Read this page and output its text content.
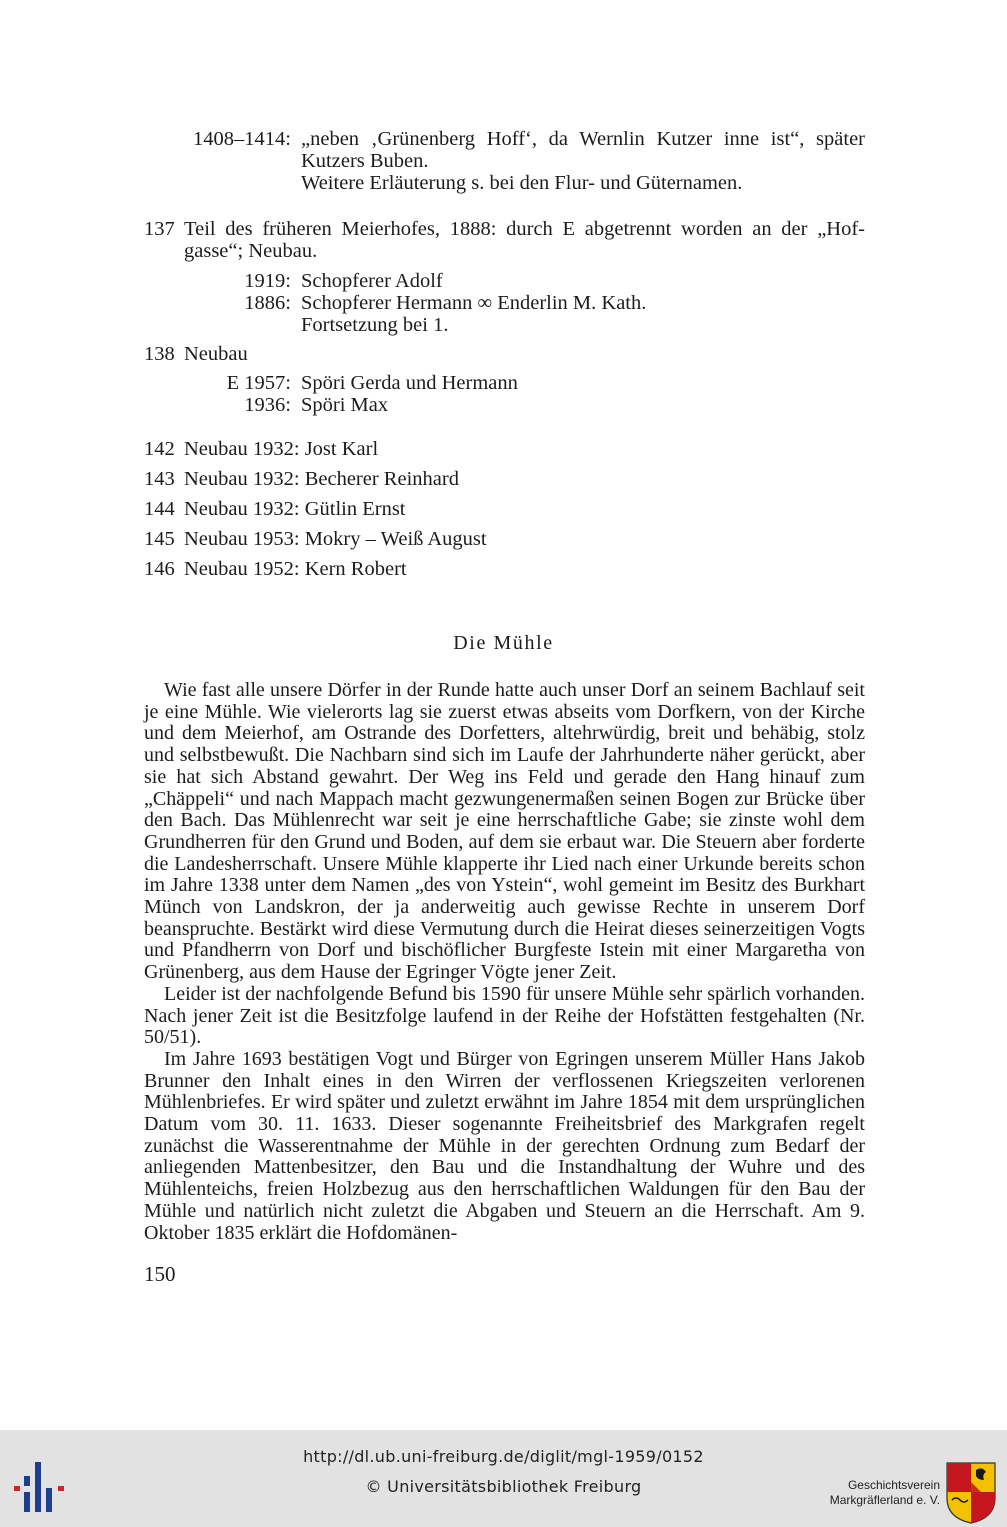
1408–1414: „neben ‚Grünenberg Hoff‘, da Wernlin Kutzer inne ist“, später
Kutzers Buben.
Weitere Erläuterung s. bei den Flur- und Güternamen.
137 Teil des früheren Meierhofes, 1888: durch E abgetrennt worden an der „Hof-
gasse“; Neubau.
1919: Schopferer Adolf
1886: Schopferer Hermann ∞ Enderlin M. Kath.
Fortsetzung bei 1.
138 Neubau
E 1957: Spöri Gerda und Hermann
1936: Spöri Max
142 Neubau 1932: Jost Karl
143 Neubau 1932: Becherer Reinhard
144 Neubau 1932: Gütlin Ernst
145 Neubau 1953: Mokry – Weiß August
146 Neubau 1952: Kern Robert
Die Mühle

Wie fast alle unsere Dörfer in der Runde hatte auch unser Dorf an seinem Bachlauf seit je eine Mühle. Wie vielerorts lag sie zuerst etwas abseits vom Dorfkern, von der Kirche und dem Meierhof, am Ostrande des Dorfetters, altehrwürdig, breit und behäbig, stolz und selbstbewußt. Die Nachbarn sind sich im Laufe der Jahrhunderte näher gerückt, aber sie hat sich Abstand gewahrt. Der Weg ins Feld und gerade den Hang hinauf zum „Chäppeli“ und nach Mappach macht gezwungenermaßen seinen Bogen zur Brücke über den Bach. Das Mühlenrecht war seit je eine herrschaftliche Gabe; sie zinste wohl dem Grundherren für den Grund und Boden, auf dem sie erbaut war. Die Steuern aber forderte die Landesherrschaft. Unsere Mühle klapperte ihr Lied nach einer Urkunde bereits schon im Jahre 1338 unter dem Namen „des von Ystein“, wohl gemeint im Besitz des Burkhart Münch von Landskron, der ja anderweitig auch gewisse Rechte in unserem Dorf beanspruchte. Bestärkt wird diese Vermutung durch die Heirat dieses seinerzeitigen Vogts und Pfandherrn von Dorf und bischöflicher Burgfeste Istein mit einer Margaretha von Grünenberg, aus dem Hause der Egringer Vögte jener Zeit.

Leider ist der nachfolgende Befund bis 1590 für unsere Mühle sehr spärlich vorhanden. Nach jener Zeit ist die Besitzfolge laufend in der Reihe der Hofstätten festgehalten (Nr. 50/51).

Im Jahre 1693 bestätigen Vogt und Bürger von Egringen unserem Müller Hans Jakob Brunner den Inhalt eines in den Wirren der verflossenen Kriegszeiten verlorenen Mühlenbriefes. Er wird später und zuletzt erwähnt im Jahre 1854 mit dem ursprünglichen Datum vom 30. 11. 1633. Dieser sogenannte Freiheitsbrief des Markgrafen regelt zunächst die Wasserentnahme der Mühle in der gerechten Ordnung zum Bedarf der anliegenden Mattenbesitzer, den Bau und die Instandhaltung der Wuhre und des Mühlenteichs, freien Holzbezug aus den herrschaftlichen Waldungen für den Bau der Mühle und natürlich nicht zuletzt die Abgaben und Steuern an die Herrschaft. Am 9. Oktober 1835 erklärt die Hofdomänen-

150
http://dl.ub.uni-freiburg.de/diglit/mgl-1959/0152
© Universitätsbibliothek Freiburg	Geschichtsverein
Markgräflerland e. V.
